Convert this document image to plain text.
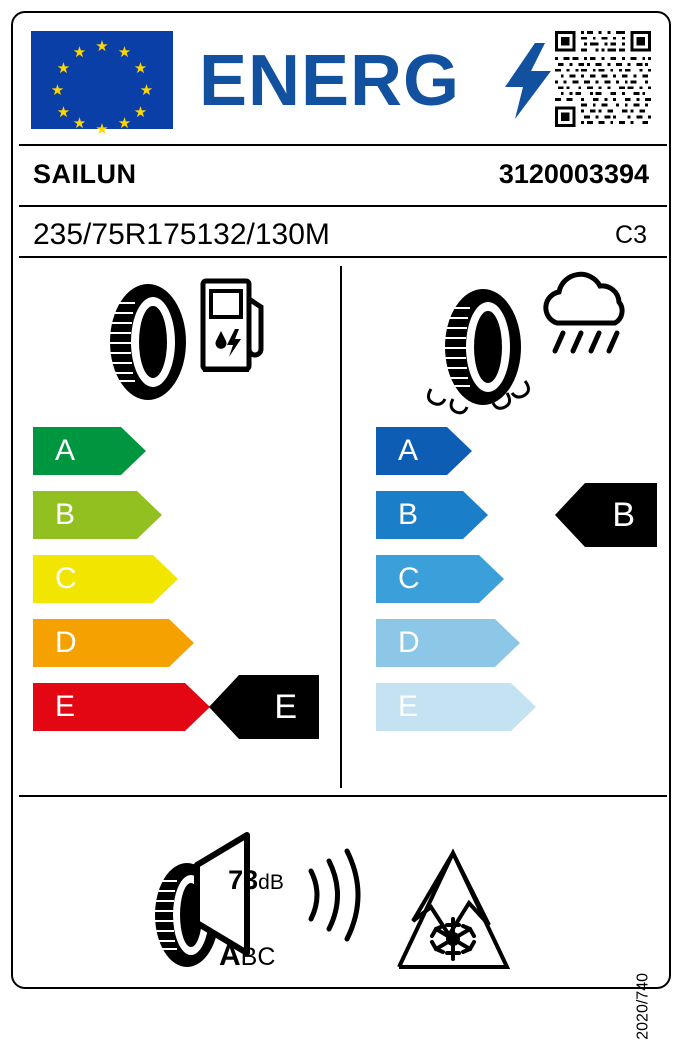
★ ★
★
★
★
★
★
★
★
★
★
★ ENERG
SAILUN	3120003394
235/75R175132/130M	C3
A
B
C
D
E	E
A
B
C
D
E
B
73dB
ABC
2020/740
